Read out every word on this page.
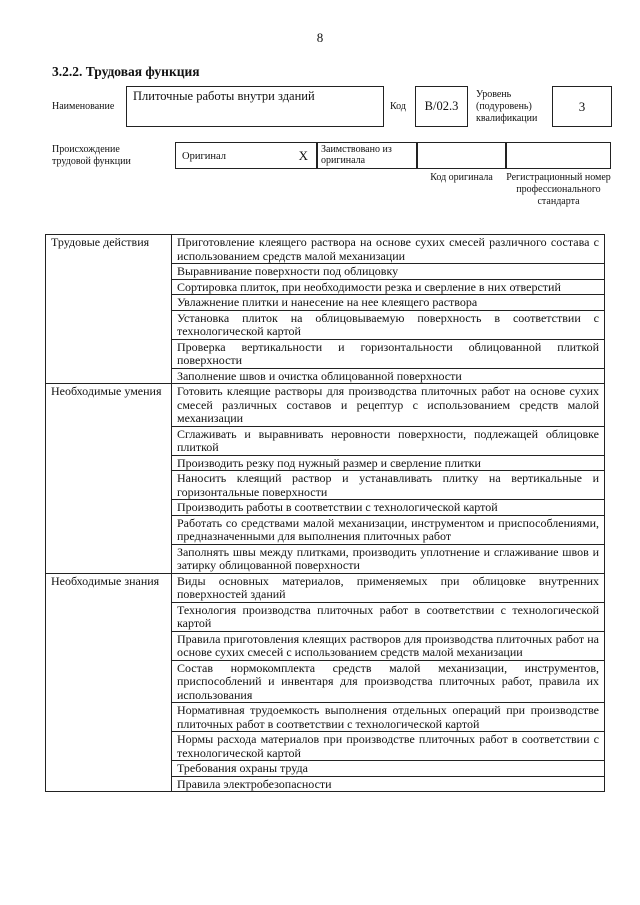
8
3.2.2. Трудовая функция
Наименование
Плиточные работы внутри зданий
Код	B/02.3
Уровень (подуровень) квалификации
3
Происхождение трудовой функции	Оригинал	X	Заимствовано из оригинала
Код оригинала	Регистрационный номер профессионального стандарта
Трудовые действия	Приготовление клеящего раствора на основе сухих смесей различного состава с использованием средств малой механизации
	Выравнивание поверхности под облицовку
	Сортировка плиток, при необходимости резка и сверление в них отверстий
	Увлажнение плитки и нанесение на нее клеящего раствора
	Установка плиток на облицовываемую поверхность в соответствии с технологической картой
	Проверка вертикальности и горизонтальности облицованной плиткой поверхности
	Заполнение швов и очистка облицованной поверхности
Необходимые умения	Готовить клеящие растворы для производства плиточных работ на основе сухих смесей различных составов и рецептур с использованием средств малой механизации
	Сглаживать и выравнивать неровности поверхности, подлежащей облицовке плиткой
	Производить резку под нужный размер и сверление плитки
	Наносить клеящий раствор и устанавливать плитку на вертикальные и горизонтальные поверхности
	Производить работы в соответствии с технологической картой
	Работать со средствами малой механизации, инструментом и приспособлениями, предназначенными для выполнения плиточных работ
	Заполнять швы между плитками, производить уплотнение и сглаживание швов и затирку облицованной поверхности
Необходимые знания	Виды основных материалов, применяемых при облицовке внутренних поверхностей зданий
	Технология производства плиточных работ в соответствии с технологической картой
	Правила приготовления клеящих растворов для производства плиточных работ на основе сухих смесей с использованием средств малой механизации
	Состав нормокомплекта средств малой механизации, инструментов, приспособлений и инвентаря для производства плиточных работ, правила их использования
	Нормативная трудоемкость выполнения отдельных операций при производстве плиточных работ в соответствии с технологической картой
	Нормы расхода материалов при производстве плиточных работ в соответствии с технологической картой
	Требования охраны труда
	Правила электробезопасности
